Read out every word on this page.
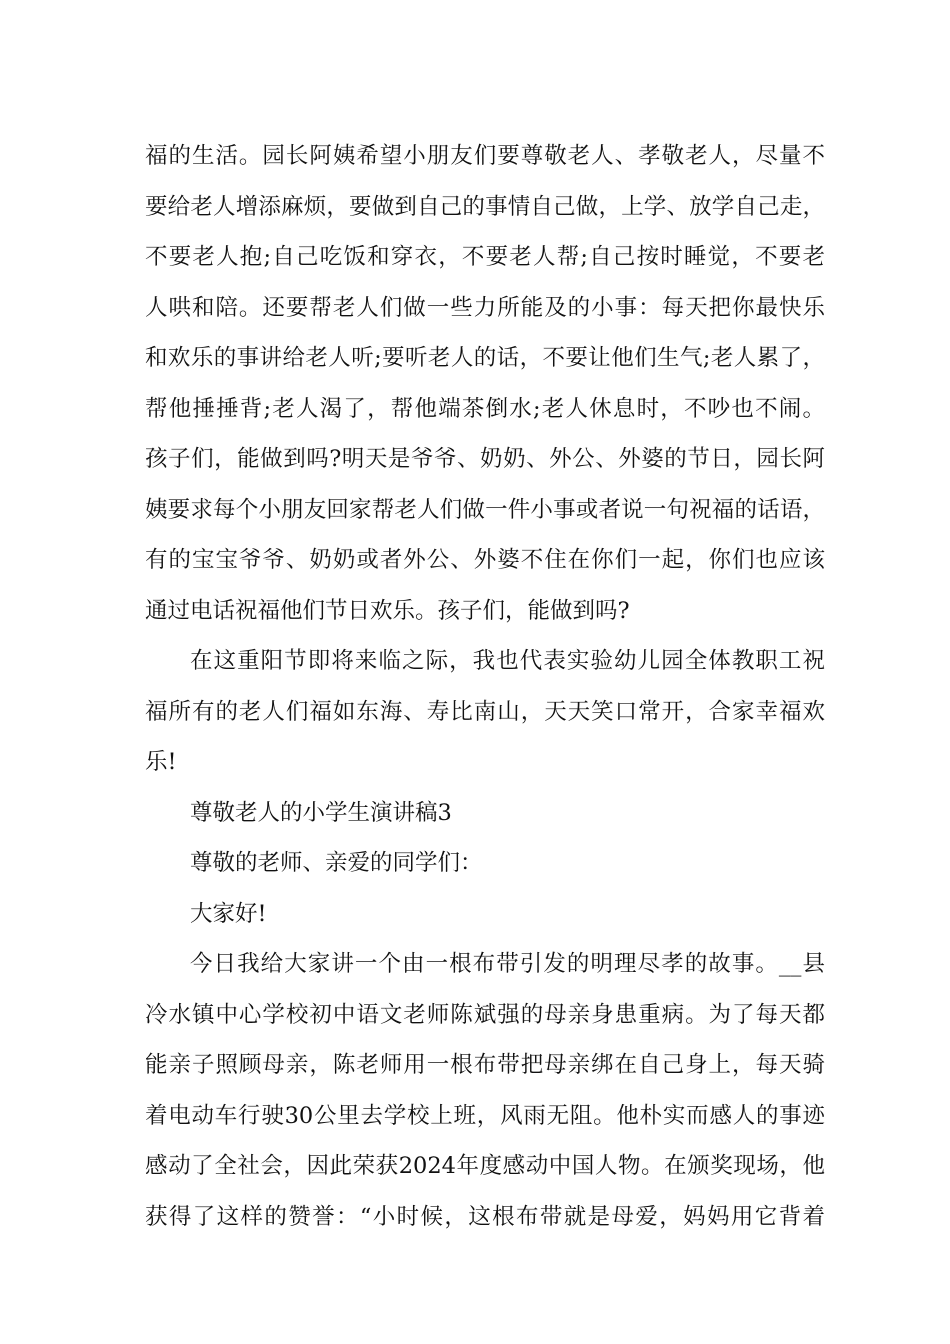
福的生活。园长阿姨希望小朋友们要尊敬老人、孝敬老人，尽量不
要给老人增添麻烦，要做到自己的事情自己做，上学、放学自己走，
不要老人抱;自己吃饭和穿衣，不要老人帮;自己按时睡觉，不要老
人哄和陪。还要帮老人们做一些力所能及的小事：每天把你最快乐
和欢乐的事讲给老人听;要听老人的话，不要让他们生气;老人累了，
帮他捶捶背;老人渴了，帮他端茶倒水;老人休息时，不吵也不闹。
孩子们，能做到吗?明天是爷爷、奶奶、外公、外婆的节日，园长阿
姨要求每个小朋友回家帮老人们做一件小事或者说一句祝福的话语，
有的宝宝爷爷、奶奶或者外公、外婆不住在你们一起，你们也应该
通过电话祝福他们节日欢乐。孩子们，能做到吗?
在这重阳节即将来临之际，我也代表实验幼儿园全体教职工祝
福所有的老人们福如东海、寿比南山，天天笑口常开，合家幸福欢
乐!
尊敬老人的小学生演讲稿3
尊敬的老师、亲爱的同学们：
大家好!
今日我给大家讲一个由一根布带引发的明理尽孝的故事。__县
冷水镇中心学校初中语文老师陈斌强的母亲身患重病。为了每天都
能亲子照顾母亲，陈老师用一根布带把母亲绑在自己身上，每天骑
着电动车行驶30公里去学校上班，风雨无阻。他朴实而感人的事迹
感动了全社会，因此荣获2024年度感动中国人物。在颁奖现场，他
获得了这样的赞誉：“小时候，这根布带就是母爱，妈妈用它背着
